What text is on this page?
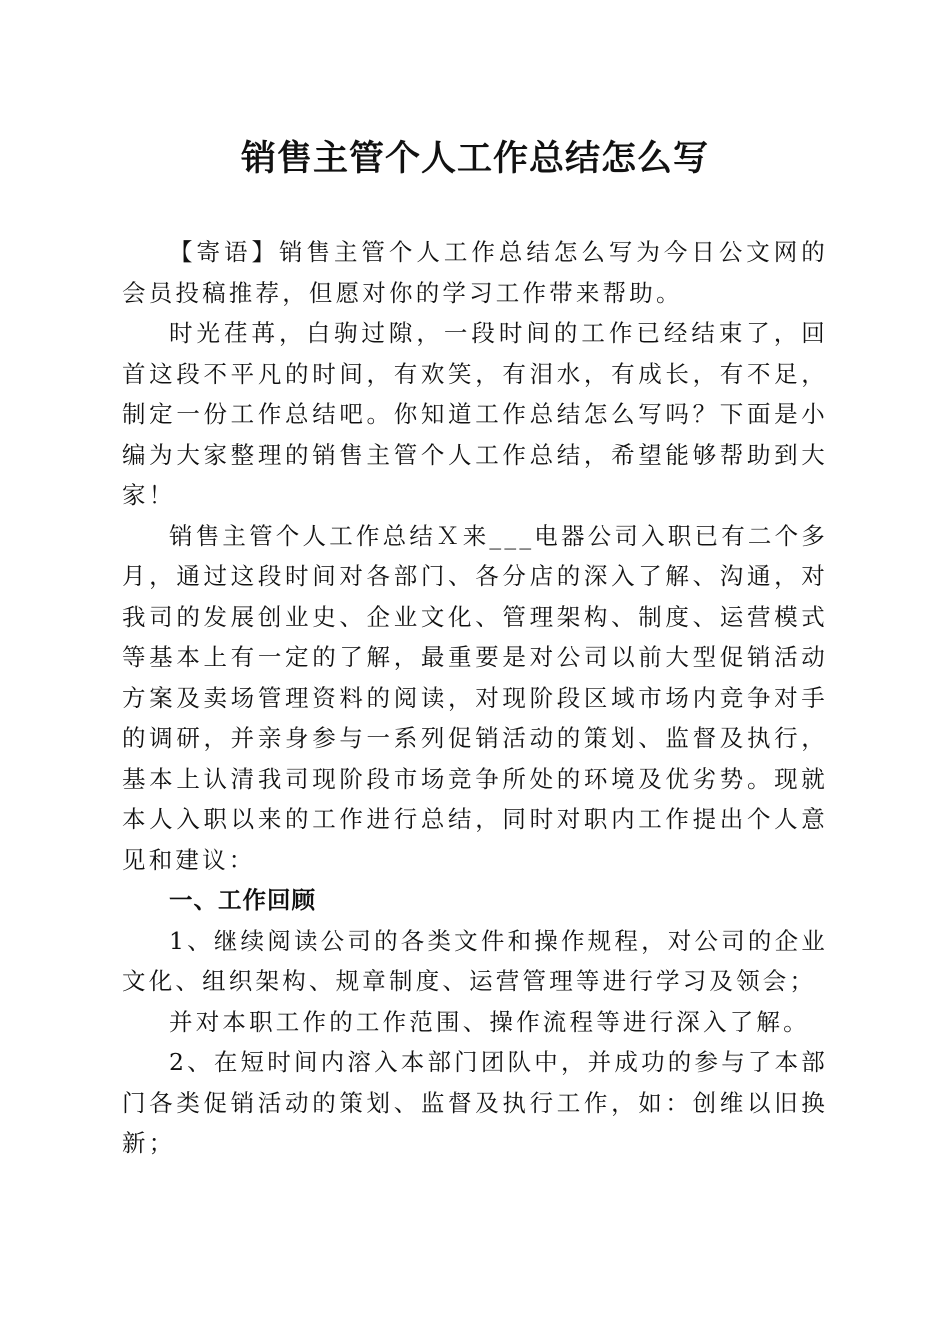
销售主管个人工作总结怎么写

【寄语】销售主管个人工作总结怎么写为今日公文网的会员投稿推荐，但愿对你的学习工作带来帮助。

时光荏苒，白驹过隙，一段时间的工作已经结束了，回首这段不平凡的时间，有欢笑，有泪水，有成长，有不足，制定一份工作总结吧。你知道工作总结怎么写吗？下面是小编为大家整理的销售主管个人工作总结，希望能够帮助到大家！

销售主管个人工作总结Ｘ来___电器公司入职已有二个多月，通过这段时间对各部门、各分店的深入了解、沟通，对我司的发展创业史、企业文化、管理架构、制度、运营模式等基本上有一定的了解，最重要是对公司以前大型促销活动方案及卖场管理资料的阅读，对现阶段区域市场内竞争对手的调研，并亲身参与一系列促销活动的策划、监督及执行，基本上认清我司现阶段市场竞争所处的环境及优劣势。现就本人入职以来的工作进行总结，同时对职内工作提出个人意见和建议：

一、工作回顾

1、继续阅读公司的各类文件和操作规程，对公司的企业文化、组织架构、规章制度、运营管理等进行学习及领会；

并对本职工作的工作范围、操作流程等进行深入了解。

2、在短时间内溶入本部门团队中，并成功的参与了本部门各类促销活动的策划、监督及执行工作，如：创维以旧换新；
